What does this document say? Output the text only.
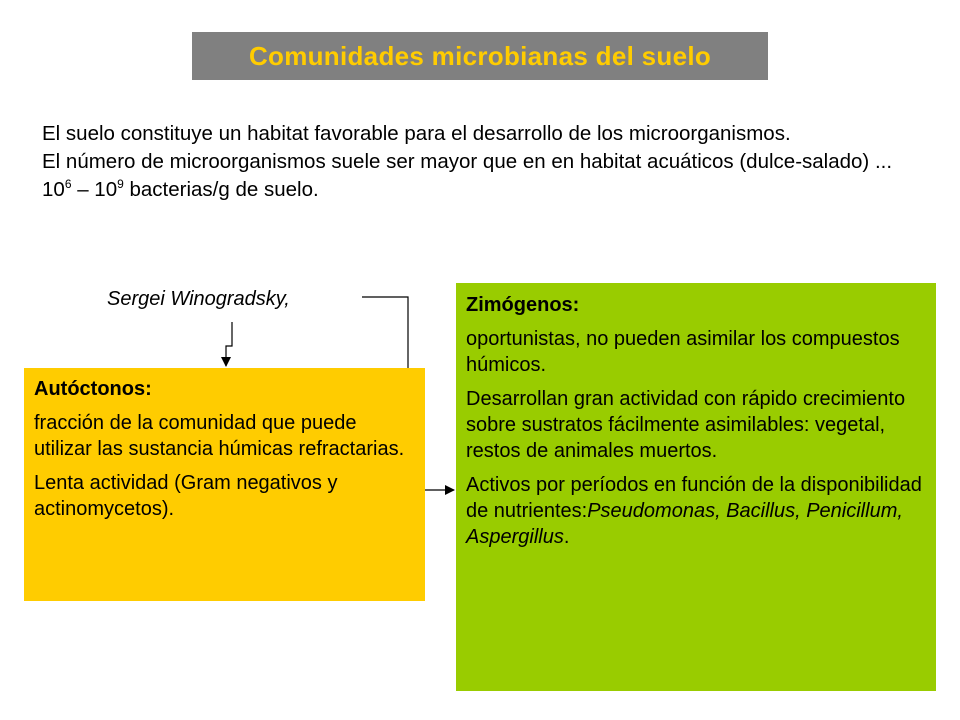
Comunidades microbianas del suelo

El suelo constituye un habitat favorable para el desarrollo de los microorganismos.

El número de microorganismos suele ser mayor que en en habitat acuáticos (dulce-salado) ... $10^6 - 10^9$ bacterias/g de suelo.

Sergei Winogradsky,
Autóctonos:
fracción de la comunidad que puede utilizar las sustancia húmicas refractarias.
Lenta actividad (Gram negativos y actinomycetos).
Zimógenos:
oportunistas, no pueden asimilar los compuestos húmicos.
Desarrollan gran actividad con rápido crecimiento sobre sustratos fácilmente asimilables: vegetal, restos de animales muertos.
Activos por períodos en función de la disponibilidad de nutrientes:Pseudomonas, Bacillus, Penicillum, Aspergillus.
